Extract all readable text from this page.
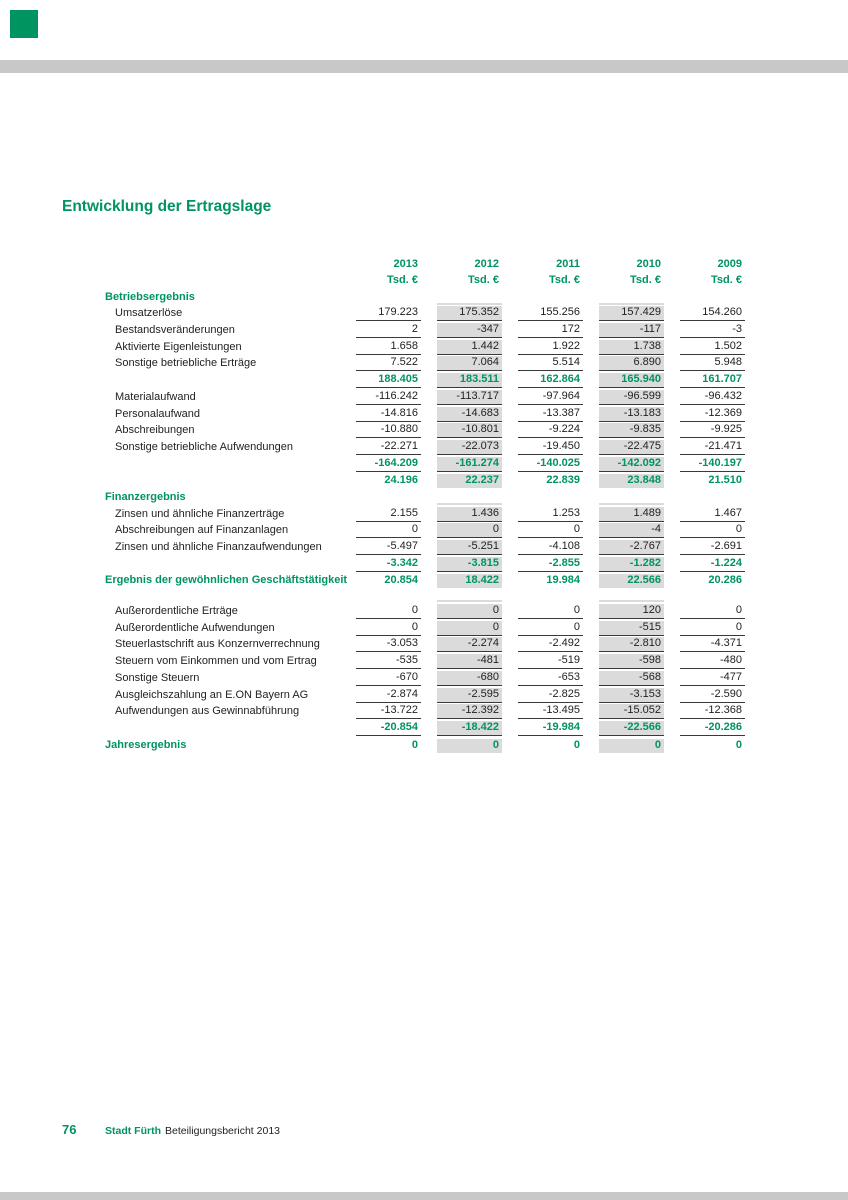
Entwicklung der Ertragslage
2013	2012	2011	2010	2009
Tsd. €	Tsd. €	Tsd. €	Tsd. €	Tsd. €
Betriebsergebnis
Umsatzerlöse	179.223	175.352	155.256	157.429	154.260
Bestandsveränderungen	2	-347	172	-117	-3
Aktivierte Eigenleistungen	1.658	1.442	1.922	1.738	1.502
Sonstige betriebliche Erträge	7.522	7.064	5.514	6.890	5.948
188.405	183.511	162.864	165.940	161.707
Materialaufwand	-116.242	-113.717	-97.964	-96.599	-96.432
Personalaufwand	-14.816	-14.683	-13.387	-13.183	-12.369
Abschreibungen	-10.880	-10.801	-9.224	-9.835	-9.925
Sonstige betriebliche Aufwendungen	-22.271	-22.073	-19.450	-22.475	-21.471
-164.209	-161.274	-140.025	-142.092	-140.197
24.196	22.237	22.839	23.848	21.510
Finanzergebnis
Zinsen und ähnliche Finanzerträge	2.155	1.436	1.253	1.489	1.467
Abschreibungen auf Finanzanlagen	0	0	0	-4	0
Zinsen und ähnliche Finanzaufwendungen	-5.497	-5.251	-4.108	-2.767	-2.691
-3.342	-3.815	-2.855	-1.282	-1.224
Ergebnis der gewöhnlichen Geschäftstätigkeit	20.854	18.422	19.984	22.566	20.286
Außerordentliche Erträge	0	0	0	120	0
Außerordentliche Aufwendungen	0	0	0	-515	0
Steuerlastschrift aus Konzernverrechnung	-3.053	-2.274	-2.492	-2.810	-4.371
Steuern vom Einkommen und vom Ertrag	-535	-481	-519	-598	-480
Sonstige Steuern	-670	-680	-653	-568	-477
Ausgleichszahlung an E.ON Bayern AG	-2.874	-2.595	-2.825	-3.153	-2.590
Aufwendungen aus Gewinnabführung	-13.722	-12.392	-13.495	-15.052	-12.368
-20.854	-18.422	-19.984	-22.566	-20.286
Jahresergebnis	0	0	0	0	0
76	Stadt Fürth Beteiligungsbericht 2013
